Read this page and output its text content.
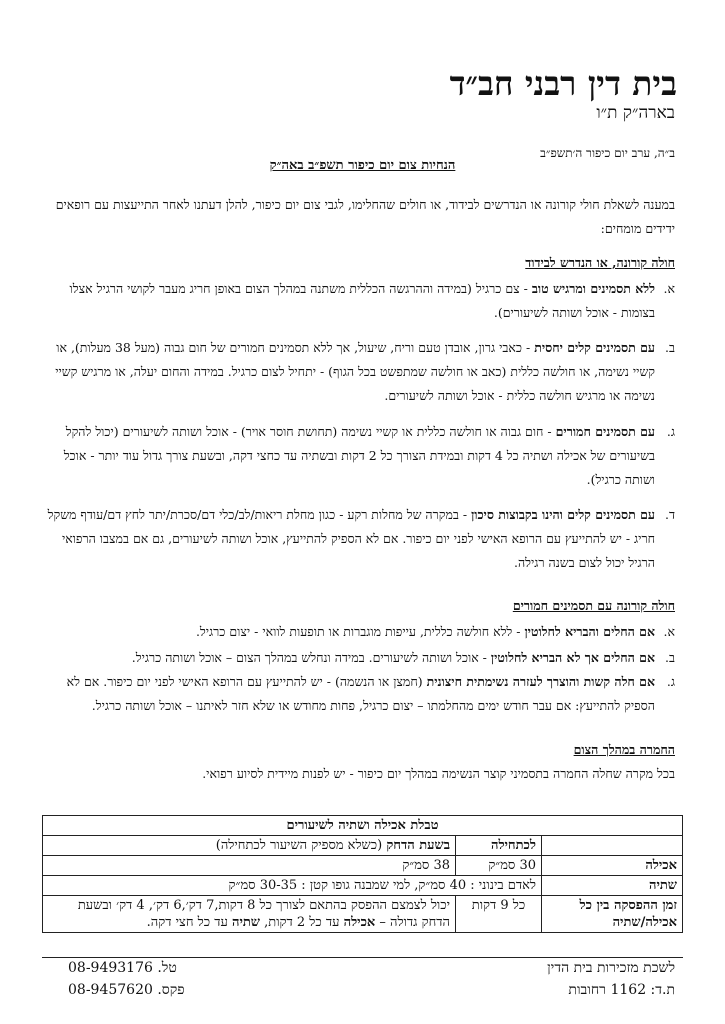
בית דין רבני חב״ד
בארה״ק ת״ו
ב״ה, ערב יום כיפור ה׳תשפ״ב
הנחיות צום יום כיפור תשפ״ב באה״ק
במענה לשאלת חולי קורונה או הנדרשים לבידוד, או חולים שהחלימו, לגבי צום יום כיפור, להלן דעתנו לאחר התייעצות עם רופאים ידידים מומחים:
חולה קורונה, או הנדרש לבידוד
א.
ללא תסמינים ומרגיש טוב - צם כרגיל (במידה וההרגשה הכללית משתנה במהלך הצום באופן חריג מעבר לקושי הרגיל אצלו בצומות - אוכל ושותה לשיעורים).
ב.
עם תסמינים קלים יחסית - כאבי גרון, אובדן טעם וריח, שיעול, אך ללא תסמינים חמורים של חום גבוה (מעל 38 מעלות), או קשיי נשימה, או חולשה כללית (כאב או חולשה שמתפשט בכל הגוף) - יתחיל לצום כרגיל. במידה והחום יעלה, או מרגיש קשיי נשימה או מרגיש חולשה כללית - אוכל ושותה לשיעורים.
ג.
עם תסמינים חמורים - חום גבוה או חולשה כללית או קשיי נשימה (תחושת חוסר אויר) - אוכל ושותה לשיעורים (יכול להקל בשיעורים של אכילה ושתיה כל 4 דקות ובמידת הצורך כל 2 דקות ובשתיה עד כחצי דקה, ובשעת צורך גדול עוד יותר - אוכל ושותה כרגיל).
ד.
עם תסמינים קלים והינו בקבוצות סיכון - במקרה של מחלות רקע - כגון מחלת ריאות/לב/כלי דם/סכרת/יתר לחץ דם/עודף משקל חריג - יש להתייעץ עם הרופא האישי לפני יום כיפור. אם לא הספיק להתייעץ, אוכל ושותה לשיעורים, גם אם במצבו הרפואי הרגיל יכול לצום בשנה רגילה.
חולה קורונה עם תסמינים חמורים
א.
אם החלים והבריא לחלוטין - ללא חולשה כללית, עייפות מוגברות או תופעות לוואי - יצום כרגיל.
ב.
אם החלים אך לא הבריא לחלוטין - אוכל ושותה לשיעורים. במידה ונחלש במהלך הצום – אוכל ושותה כרגיל.
ג.
אם חלה קשות והוצרך לעזרה נשימתית חיצונית (חמצן או הנשמה) - יש להתייעץ עם הרופא האישי לפני יום כיפור. אם לא הספיק להתייעץ: אם עבר חודש ימים מהחלמתו – יצום כרגיל, פחות מחודש או שלא חזר לאיתנו – אוכל ושותה כרגיל.
החמרה במהלך הצום
בכל מקרה שחלה החמרה בתסמיני קוצר הנשימה במהלך יום כיפור - יש לפנות מיידית לסיוע רפואי.
טבלת אכילה ושתיה לשיעורים		
	לכתחילה	בשעת הדחק (כשלא מספיק השיעור לכתחילה)
אכילה	30 סמ״ק	38 סמ״ק
שתיה	לאדם בינוני : 40 סמ״ק, למי שמבנה גופו קטן : 30-35 סמ״ק	
זמן ההפסקה בין כל אכילה/שתיה	כל 9 דקות	יכול לצמצם ההפסק בהתאם לצורך כל 8 דקות,7 דק׳,6 דק׳, 4 דק׳ ובשעת הדחק גדולה – אכילה עד כל 2 דקות, שתיה עד כל חצי דקה.
לשכת מזכירות בית הדין
ת.ד: 1162 רחובות
טל. 08-9493176
פקס. 08-9457620
